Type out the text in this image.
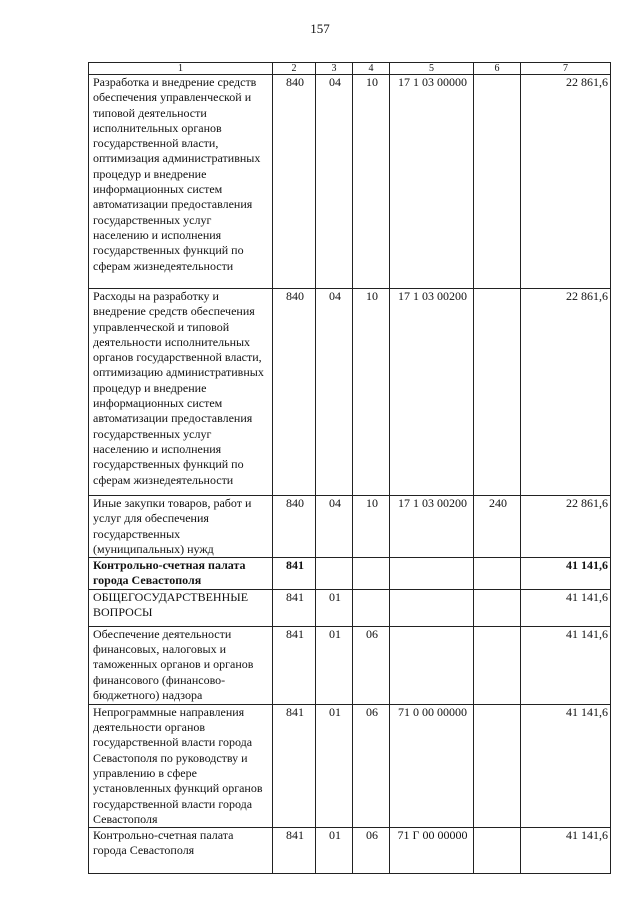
157
1	2	3	4	5	6	7
Разработка и внедрение средств обеспечения управленческой и типовой деятельности исполнительных органов государственной власти, оптимизация административных процедур и внедрение информационных систем автоматизации предоставления государственных услуг населению и исполнения государственных функций по сферам жизнедеятельности	840	04	10	17 1 03 00000		22 861,6
Расходы на разработку и внедрение средств обеспечения управленческой и типовой деятельности исполнительных органов государственной власти, оптимизацию административных процедур и внедрение информационных систем автоматизации предоставления государственных услуг населению и исполнения государственных функций по сферам жизнедеятельности	840	04	10	17 1 03 00200		22 861,6
Иные закупки товаров, работ и услуг для обеспечения государственных (муниципальных) нужд	840	04	10	17 1 03 00200	240	22 861,6
Контрольно-счетная палата города Севастополя	841					41 141,6
ОБЩЕГОСУДАРСТВЕННЫЕ ВОПРОСЫ	841	01				41 141,6
Обеспечение деятельности финансовых, налоговых и таможенных органов и органов финансового (финансово-бюджетного) надзора	841	01	06			41 141,6
Непрограммные направления деятельности органов государственной власти города Севастополя по руководству и управлению в сфере установленных функций органов государственной власти города Севастополя	841	01	06	71 0 00 00000		41 141,6
Контрольно-счетная палата города Севастополя	841	01	06	71 Г 00 00000		41 141,6
